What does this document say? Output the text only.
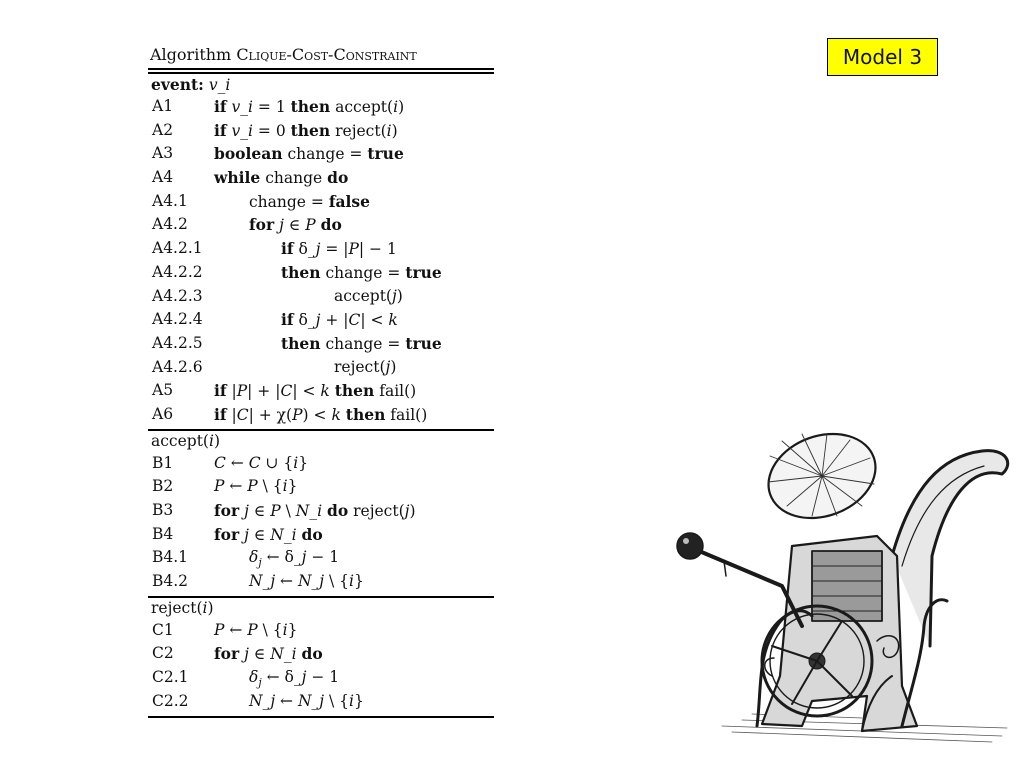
Algorithm Clique-Cost-Constraint
event: v_i
A1	if v_i = 1 then accept(i)
A2	if v_i = 0 then reject(i)
A3	boolean change = true
A4	while change do
A4.1	change = false
A4.2	for j ∈ P do
A4.2.1	if δ_j = |P| − 1
A4.2.2	then change = true
A4.2.3	accept(j)
A4.2.4	if δ_j + |C| < k
A4.2.5	then change = true
A4.2.6	reject(j)
A5	if |P| + |C| < k then fail()
A6	if |C| + χ(P) < k then fail()
accept(i)
B1	C ← C ∪ {i}
B2	P ← P \ {i}
B3	for j ∈ P \ N_i do reject(j)
B4	for j ∈ N_i do
B4.1	$\delta_j$ ← δ_j − 1
B4.2	N_j ← N_j \ {i}
reject(i)
C1	P ← P \ {i}
C2	for j ∈ N_i do
C2.1	$\delta_j$ ← δ_j − 1
C2.2	N_j ← N_j \ {i}
Model 3
